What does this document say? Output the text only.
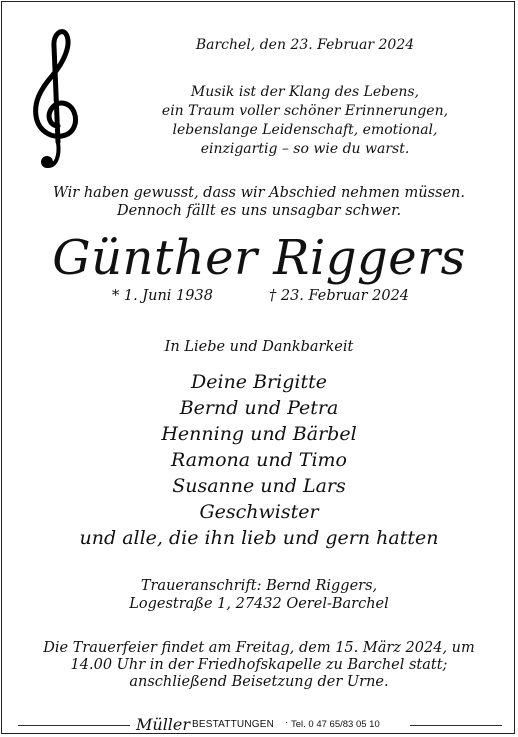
Barchel, den 23. Februar 2024
Musik ist der Klang des Lebens,
ein Traum voller schöner Erinnerungen,
lebenslange Leidenschaft, emotional,
einzigartig – so wie du warst.
Wir haben gewusst, dass wir Abschied nehmen müssen.
Dennoch fällt es uns unsagbar schwer.
Günther Riggers
* 1. Juni 1938	† 23. Februar 2024
In Liebe und Dankbarkeit
Deine Brigitte
Bernd und Petra
Henning und Bärbel
Ramona und Timo
Susanne und Lars
Geschwister
und alle, die ihn lieb und gern hatten
Traueranschrift: Bernd Riggers,
Logestraße 1, 27432 Oerel-Barchel
Die Trauerfeier findet am Freitag, dem 15. März 2024, um
14.00 Uhr in der Friedhofskapelle zu Barchel statt;
anschließend Beisetzung der Urne.
Müller BESTATTUNGEN · Tel. 0 47 65/83 05 10
